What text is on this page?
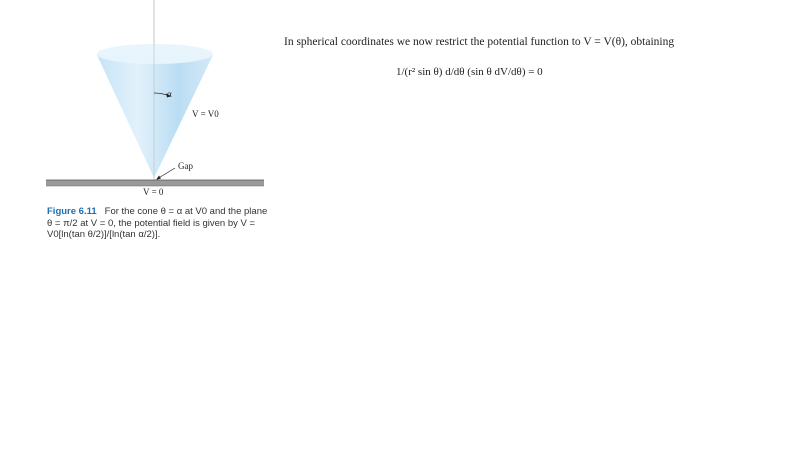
α
V = V0
Gap
V = 0
Figure 6.11 For the cone θ = α at V0 and the plane θ = π/2 at V = 0, the potential field is given by V = V0[ln(tan θ/2)]/[ln(tan α/2)].
In spherical coordinates we now restrict the potential function to V = V(θ), obtaining
1/(r² sin θ) d/dθ (sin θ dV/dθ) = 0
